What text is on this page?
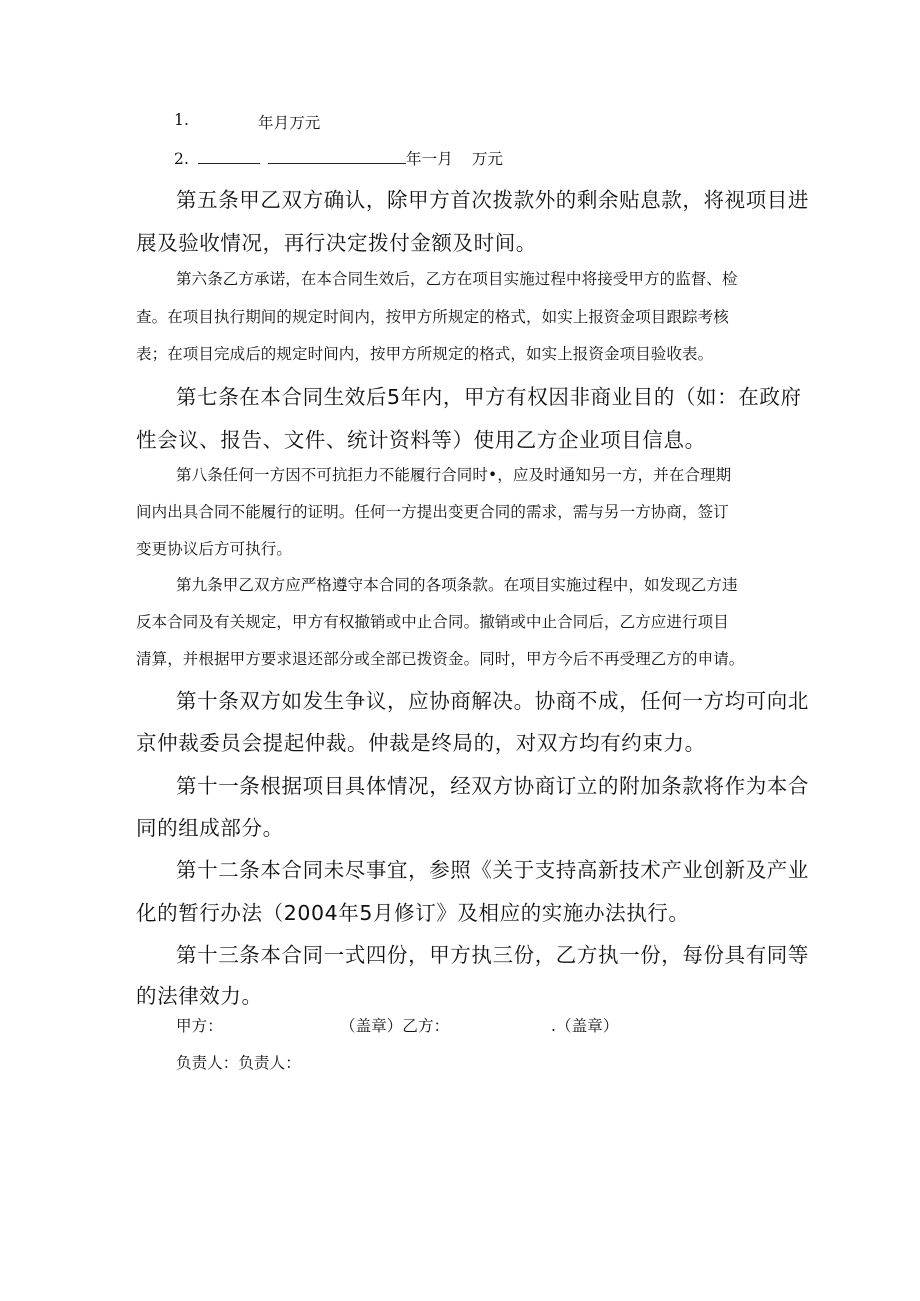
1.	年月万元
2.	年一月 万元
第五条甲乙双方确认，除甲方首次拨款外的剩余贴息款，将视项目进
展及验收情况，再行决定拨付金额及时间。
第六条乙方承诺，在本合同生效后，乙方在项目实施过程中将接受甲方的监督、检
查。在项目执行期间的规定时间内，按甲方所规定的格式，如实上报资金项目跟踪考核
表；在项目完成后的规定时间内，按甲方所规定的格式，如实上报资金项目验收表。
第七条在本合同生效后5年内，甲方有权因非商业目的（如：在政府
性会议、报告、文件、统计资料等）使用乙方企业项目信息。
第八条任何一方因不可抗拒力不能履行合同时•，应及时通知另一方，并在合理期
间内出具合同不能履行的证明。任何一方提出变更合同的需求，需与另一方协商，签订
变更协议后方可执行。
第九条甲乙双方应严格遵守本合同的各项条款。在项目实施过程中，如发现乙方违
反本合同及有关规定，甲方有权撤销或中止合同。撤销或中止合同后，乙方应进行项目
清算，并根据甲方要求退还部分或全部已拨资金。同时，甲方今后不再受理乙方的申请。
第十条双方如发生争议，应协商解决。协商不成，任何一方均可向北
京仲裁委员会提起仲裁。仲裁是终局的，对双方均有约束力。
第十一条根据项目具体情况，经双方协商订立的附加条款将作为本合
同的组成部分。
第十二条本合同未尽事宜，参照《关于支持高新技术产业创新及产业
化的暂行办法（2004年5月修订》及相应的实施办法执行。
第十三条本合同一式四份，甲方执三份，乙方执一份，每份具有同等
的法律效力。
甲方：	（盖章）乙方：	.（盖章）
负责人：负责人：
